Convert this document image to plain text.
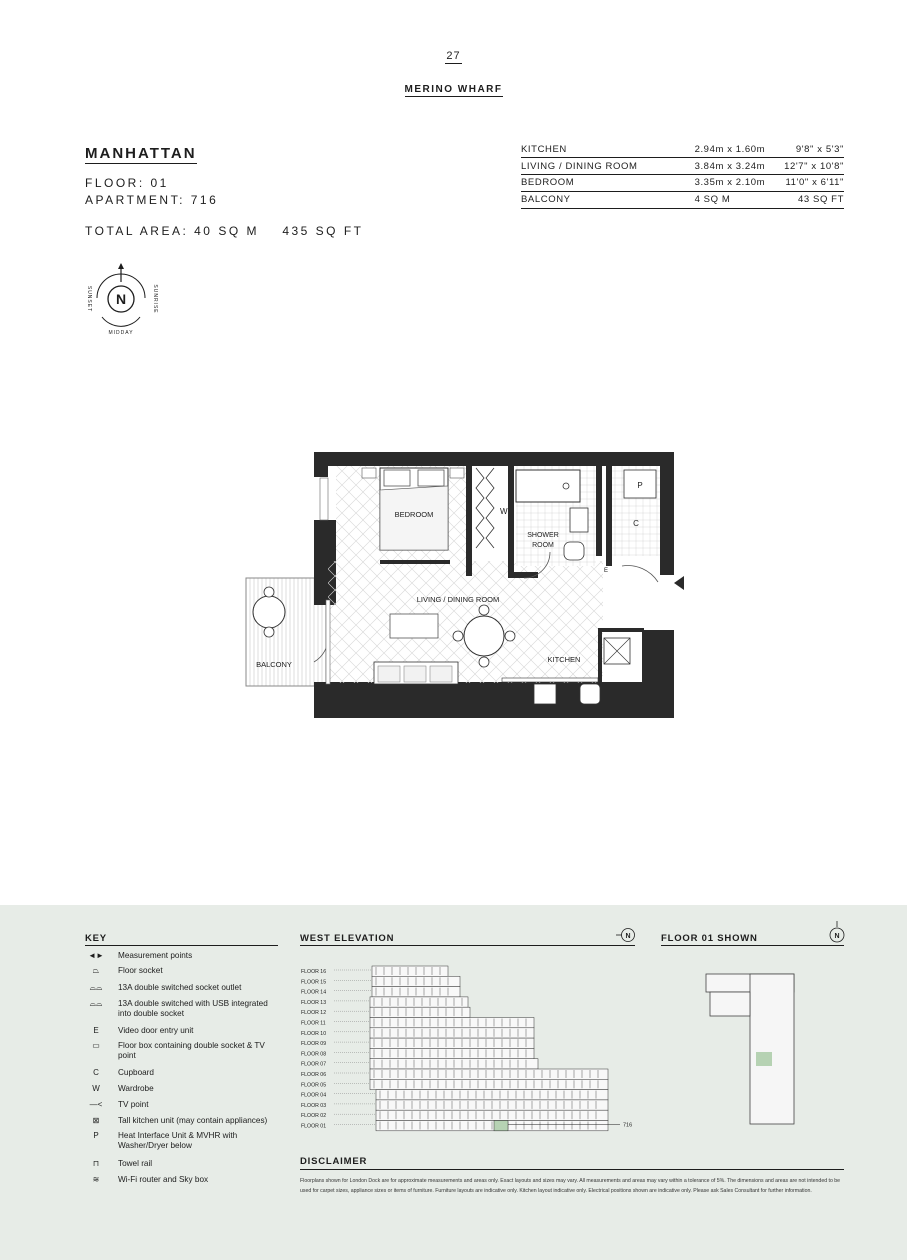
27
MERINO WHARF
MANHATTAN
FLOOR: 01
APARTMENT: 716
TOTAL AREA: 40 SQ M    435 SQ FT
KITCHEN	2.94m x 1.60m	9'8" x 5'3"
LIVING / DINING ROOM	3.84m x 3.24m	12'7" x 10'8"
BEDROOM	3.35m x 2.10m	11'0" x 6'11"
BALCONY	4 SQ M	43 SQ FT
N
SUNSET	SUNRISE
MIDDAY
BALCONY
BEDROOM	W
SHOWER
ROOM
P
C
E
LIVING / DINING ROOM
KITCHEN
KEY
◄►	Measurement points
⏢	Floor socket
⌓⌓	13A double switched socket outlet
⌓⌓	13A double switched with USB integrated into double socket
E	Video door entry unit
▭	Floor box containing double socket & TV point
C	Cupboard
W	Wardrobe
—<	TV point
⊠	Tall kitchen unit (may contain appliances)
P	Heat Interface Unit & MVHR with Washer/Dryer below
⊓	Towel rail
≋	Wi-Fi router and Sky box
WEST ELEVATION	N
FLOOR 16
FLOOR 15
FLOOR 14
FLOOR 13
FLOOR 12
FLOOR 11
FLOOR 10
FLOOR 09
FLOOR 08
FLOOR 07
FLOOR 06
FLOOR 05
FLOOR 04
FLOOR 03
FLOOR 02
FLOOR 01	716
FLOOR 01 SHOWN	N
DISCLAIMER
Floorplans shown for London Dock are for approximate measurements and areas only. Exact layouts and sizes may vary. All measurements and areas may vary within a tolerance of 5%. The dimensions and areas are not intended to be used for carpet sizes, appliance sizes or items of furniture. Furniture layouts are indicative only. Kitchen layout indicative only. Electrical positions shown are indicative only. Please ask Sales Consultant for further information.
